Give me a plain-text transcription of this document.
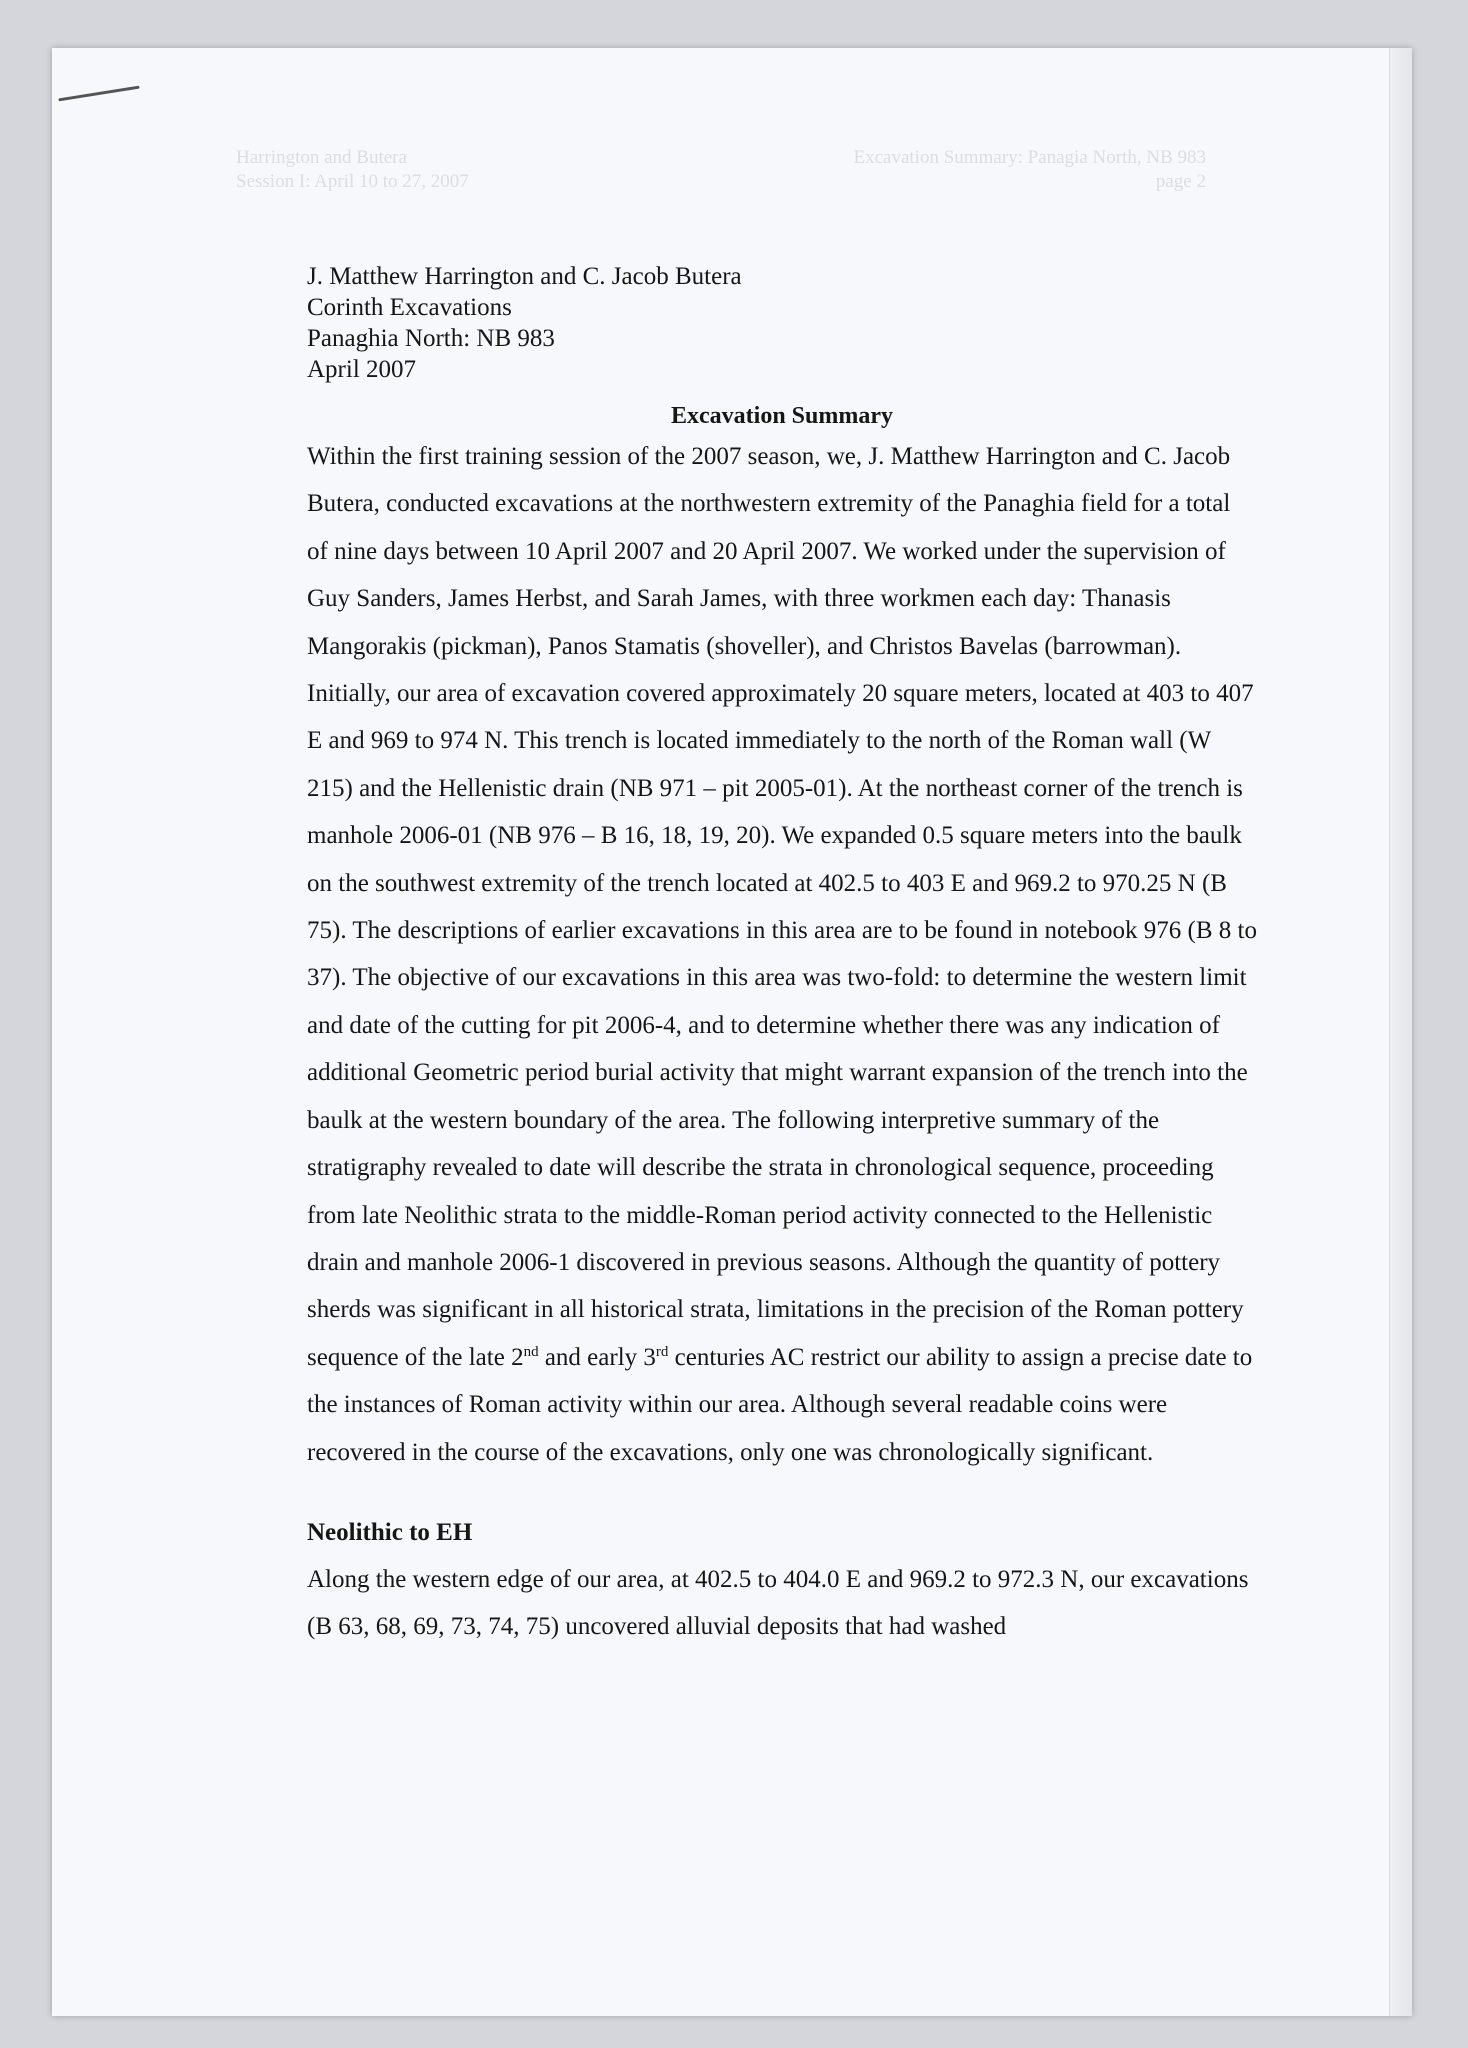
Harrington and Butera
Session I: April 10 to 27, 2007
Excavation Summary: Panagia North, NB 983
page 2
J. Matthew Harrington and C. Jacob Butera
Corinth Excavations
Panaghia North: NB 983
April 2007
Excavation Summary

Within the first training session of the 2007 season, we, J. Matthew Harrington and C. Jacob Butera, conducted excavations at the northwestern extremity of the Panaghia field for a total of nine days between 10 April 2007 and 20 April 2007. We worked under the supervision of Guy Sanders, James Herbst, and Sarah James, with three workmen each day: Thanasis Mangorakis (pickman), Panos Stamatis (shoveller), and Christos Bavelas (barrowman). Initially, our area of excavation covered approximately 20 square meters, located at 403 to 407 E and 969 to 974 N. This trench is located immediately to the north of the Roman wall (W 215) and the Hellenistic drain (NB 971 – pit 2005-01). At the northeast corner of the trench is manhole 2006-01 (NB 976 – B 16, 18, 19, 20). We expanded 0.5 square meters into the baulk on the southwest extremity of the trench located at 402.5 to 403 E and 969.2 to 970.25 N (B 75). The descriptions of earlier excavations in this area are to be found in notebook 976 (B 8 to 37). The objective of our excavations in this area was two-fold: to determine the western limit and date of the cutting for pit 2006-4, and to determine whether there was any indication of additional Geometric period burial activity that might warrant expansion of the trench into the baulk at the western boundary of the area. The following interpretive summary of the stratigraphy revealed to date will describe the strata in chronological sequence, proceeding from late Neolithic strata to the middle-Roman period activity connected to the Hellenistic drain and manhole 2006-1 discovered in previous seasons. Although the quantity of pottery sherds was significant in all historical strata, limitations in the precision of the Roman pottery sequence of the late 2nd and early 3rd centuries AC restrict our ability to assign a precise date to the instances of Roman activity within our area. Although several readable coins were recovered in the course of the excavations, only one was chronologically significant.

Neolithic to EH

Along the western edge of our area, at 402.5 to 404.0 E and 969.2 to 972.3 N, our excavations (B 63, 68, 69, 73, 74, 75) uncovered alluvial deposits that had washed
